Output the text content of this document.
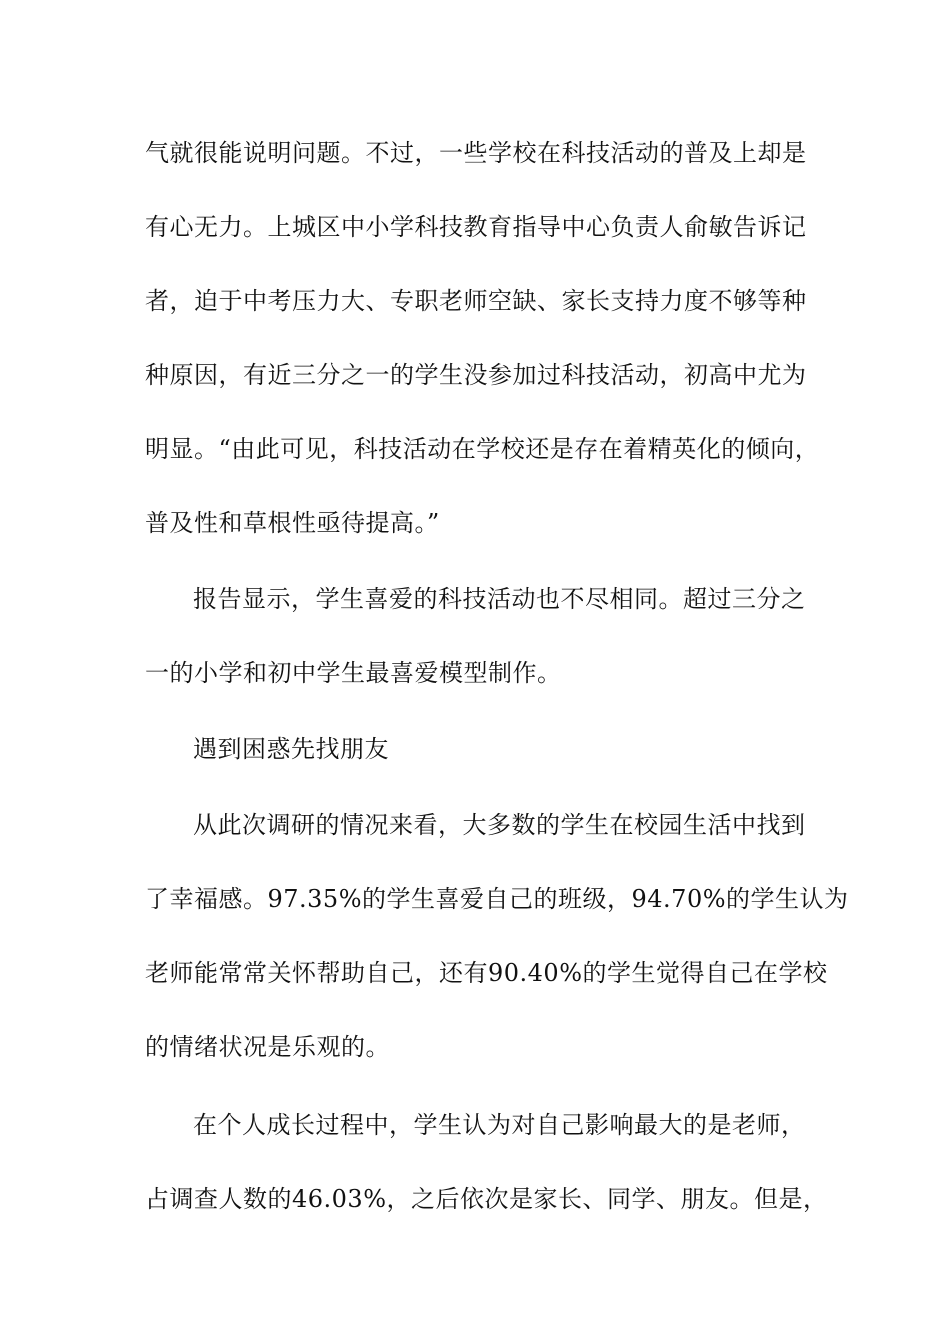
气就很能说明问题。不过，一些学校在科技活动的普及上却是
有心无力。上城区中小学科技教育指导中心负责人俞敏告诉记
者，迫于中考压力大、专职老师空缺、家长支持力度不够等种
种原因，有近三分之一的学生没参加过科技活动，初高中尤为
明显。“由此可见，科技活动在学校还是存在着精英化的倾向，
普及性和草根性亟待提高。”
报告显示，学生喜爱的科技活动也不尽相同。超过三分之
一的小学和初中学生最喜爱模型制作。
遇到困惑先找朋友
从此次调研的情况来看，大多数的学生在校园生活中找到
了幸福感。97.35%的学生喜爱自己的班级，94.70%的学生认为
老师能常常关怀帮助自己，还有90.40%的学生觉得自己在学校
的情绪状况是乐观的。
在个人成长过程中，学生认为对自己影响最大的是老师，
占调查人数的46.03%，之后依次是家长、同学、朋友。但是，
